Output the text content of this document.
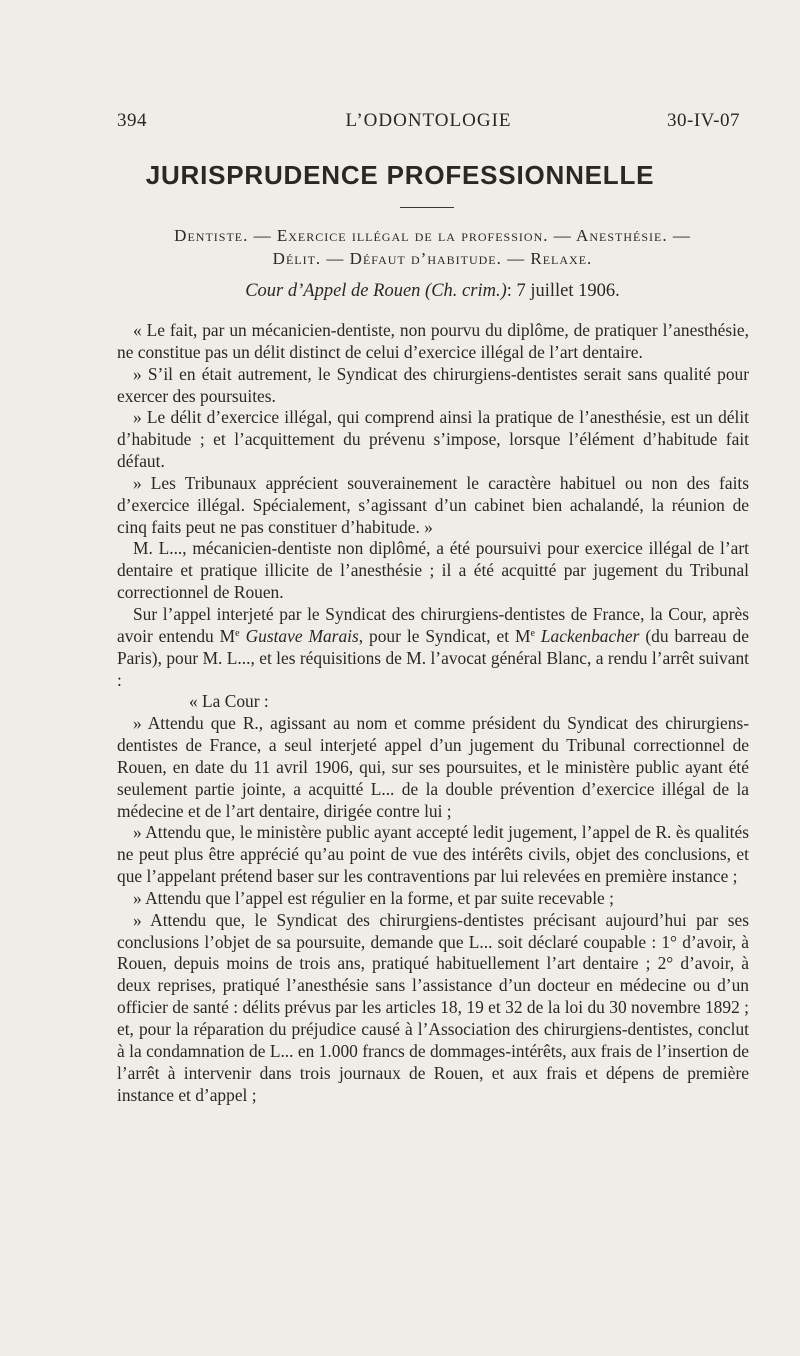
394	L’ODONTOLOGIE	30-IV-07
JURISPRUDENCE PROFESSIONNELLE
Dentiste. — Exercice illégal de la profession. — Anesthésie. —
Délit. — Défaut d’habitude. — Relaxe.
Cour d’Appel de Rouen (Ch. crim.): 7 juillet 1906.

« Le fait, par un mécanicien-dentiste, non pourvu du diplôme, de pratiquer l’anesthésie, ne constitue pas un délit distinct de celui d’exercice illégal de l’art dentaire.

» S’il en était autrement, le Syndicat des chirurgiens-dentistes serait sans qualité pour exercer des poursuites.

» Le délit d’exercice illégal, qui comprend ainsi la pratique de l’anesthésie, est un délit d’habitude ; et l’acquittement du prévenu s’impose, lorsque l’élément d’habitude fait défaut.

» Les Tribunaux apprécient souverainement le caractère habituel ou non des faits d’exercice illégal. Spécialement, s’agissant d’un cabinet bien achalandé, la réunion de cinq faits peut ne pas constituer d’habitude. »

M. L..., mécanicien-dentiste non diplômé, a été poursuivi pour exercice illégal de l’art dentaire et pratique illicite de l’anesthésie ; il a été acquitté par jugement du Tribunal correctionnel de Rouen.

Sur l’appel interjeté par le Syndicat des chirurgiens-dentistes de France, la Cour, après avoir entendu Me Gustave Marais, pour le Syndicat, et Me Lackenbacher (du barreau de Paris), pour M. L..., et les réquisitions de M. l’avocat général Blanc, a rendu l’arrêt suivant :

« La Cour :

» Attendu que R., agissant au nom et comme président du Syndicat des chirurgiens-dentistes de France, a seul interjeté appel d’un jugement du Tribunal correctionnel de Rouen, en date du 11 avril 1906, qui, sur ses poursuites, et le ministère public ayant été seulement partie jointe, a acquitté L... de la double prévention d’exercice illégal de la médecine et de l’art dentaire, dirigée contre lui ;

» Attendu que, le ministère public ayant accepté ledit jugement, l’appel de R. ès qualités ne peut plus être apprécié qu’au point de vue des intérêts civils, objet des conclusions, et que l’appelant prétend baser sur les contraventions par lui relevées en première instance ;

» Attendu que l’appel est régulier en la forme, et par suite recevable ;

» Attendu que, le Syndicat des chirurgiens-dentistes précisant aujourd’hui par ses conclusions l’objet de sa poursuite, demande que L... soit déclaré coupable : 1° d’avoir, à Rouen, depuis moins de trois ans, pratiqué habituellement l’art dentaire ; 2° d’avoir, à deux reprises, pratiqué l’anesthésie sans l’assistance d’un docteur en médecine ou d’un officier de santé : délits prévus par les articles 18, 19 et 32 de la loi du 30 novembre 1892 ; et, pour la réparation du préjudice causé à l’Association des chirurgiens-dentistes, conclut à la condamnation de L... en 1.000 francs de dommages-intérêts, aux frais de l’insertion de l’arrêt à intervenir dans trois journaux de Rouen, et aux frais et dépens de première instance et d’appel ;
